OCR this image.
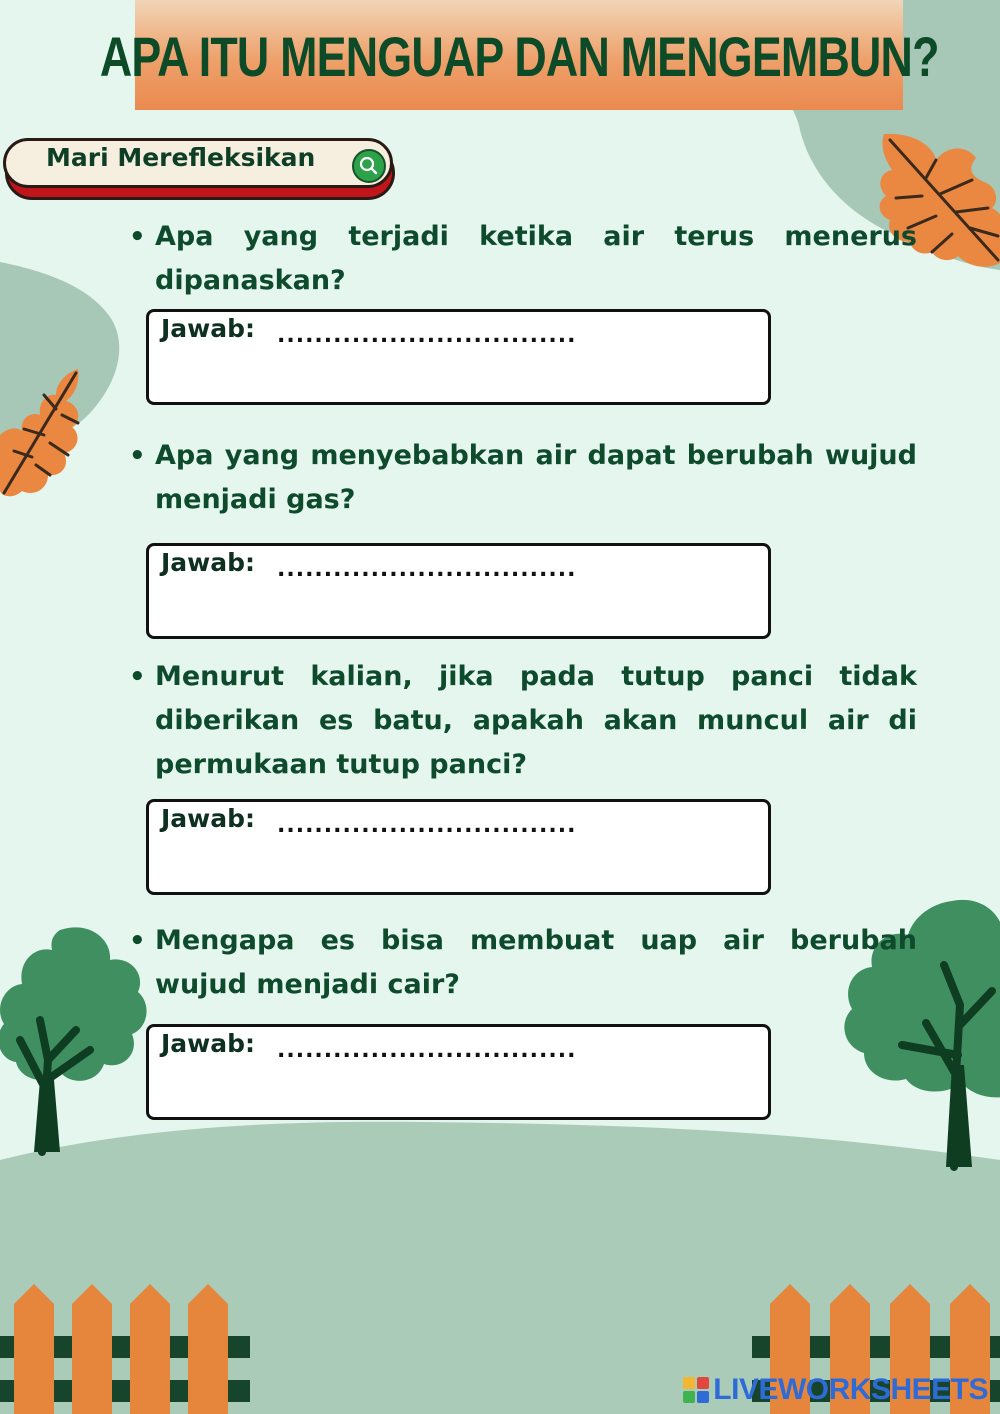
APA ITU MENGUAP DAN MENGEMBUN?
Mari Merefleksikan
• Apa yang terjadi ketika air terus menerus dipanaskan?
Jawab:
................................
• Apa yang menyebabkan air dapat berubah wujud menjadi gas?
Jawab:
................................
• Menurut kalian, jika pada tutup panci tidak diberikan es batu, apakah akan muncul air di permukaan tutup panci?
Jawab:
................................
• Mengapa es bisa membuat uap air berubah wujud menjadi cair?
Jawab:
................................
LIVEWORKSHEETS
